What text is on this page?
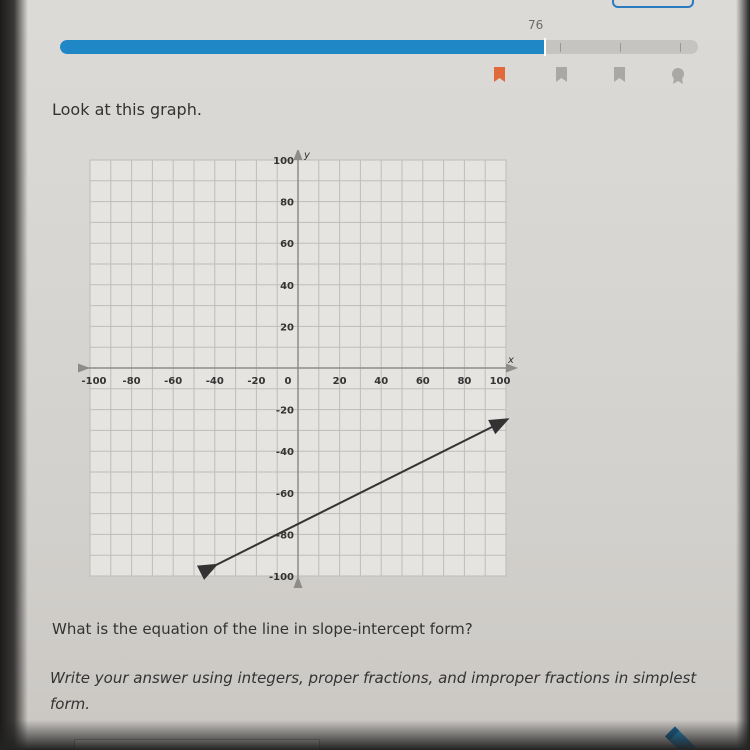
76
Look at this graph.
x
y
-100 -80 -60 -40 -20 0	20	40	60	80 100
100
80
60
40
20
-20
-40
-60
-80
-100
What is the equation of the line in slope-intercept form?
Write your answer using integers, proper fractions, and improper fractions in simplest form.
